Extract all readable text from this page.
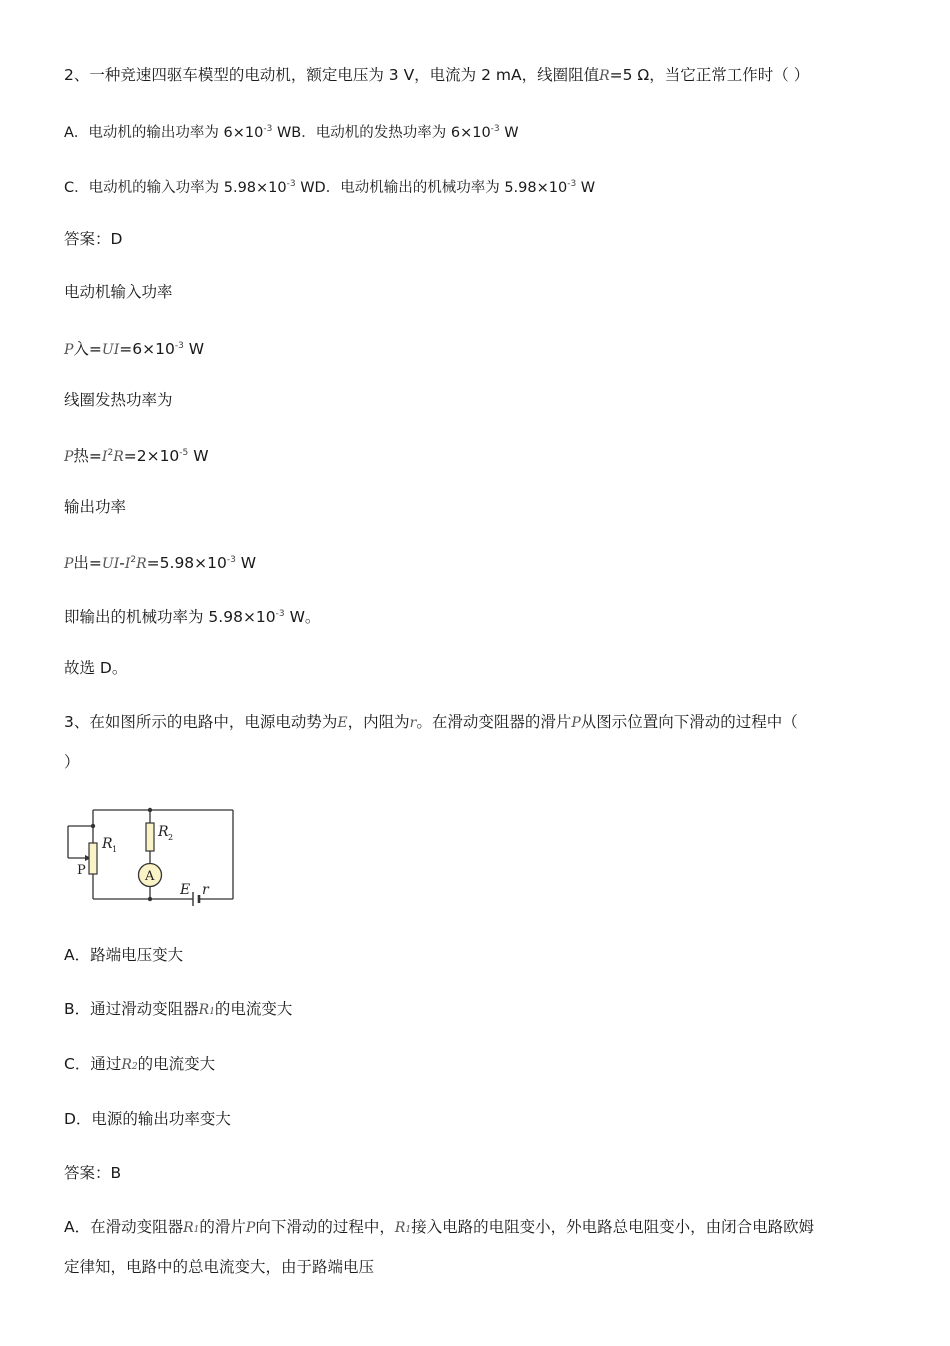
2、一种竞速四驱车模型的电动机，额定电压为 3 V，电流为 2 mA，线圈阻值R=5 Ω，当它正常工作时（ ）
A．电动机的输出功率为 $6\times 10^{-3}$ WB．电动机的发热功率为 $6\times 10^{-3}$ W
C．电动机的输入功率为 $5.98\times 10^{-3}$ WD．电动机输出的机械功率为 $5.98\times 10^{-3}$ W
答案：D
电动机输入功率
P入$=UI=6\times 10^{-3}$ W
线圈发热功率为
P热$=I^2R=2\times 10^{-5}$ W
输出功率
P出$=UI-I^2R=5.98\times 10^{-3}$ W
即输出的机械功率为 $5.98\times 10^{-3}$ W。
故选 D。
3、在如图所示的电路中，电源电动势为E，内阻为r。在滑动变阻器的滑片P从图示位置向下滑动的过程中（
）
R 1
R 2
P	A
E r
A．路端电压变大
B．通过滑动变阻器R1的电流变大
C．通过R2的电流变大
D．电源的输出功率变大
答案：B
A．在滑动变阻器R1的滑片P向下滑动的过程中，R1接入电路的电阻变小，外电路总电阻变小，由闭合电路欧姆
定律知，电路中的总电流变大，由于路端电压
